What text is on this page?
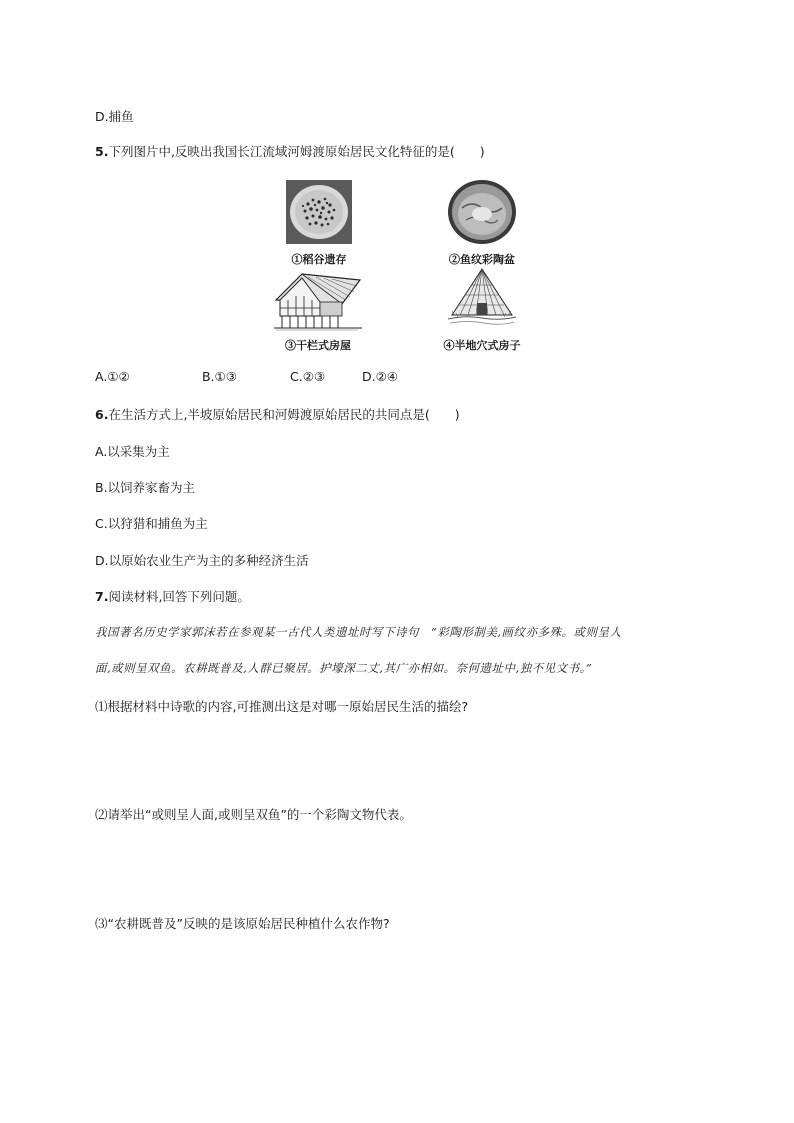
D.捕鱼
5.下列图片中,反映出我国长江流域河姆渡原始居民文化特征的是(　　)
①稻谷遗存	②鱼纹彩陶盆
③干栏式房屋	④半地穴式房子
A.①②	B.①③	C.②③	D.②④
6.在生活方式上,半坡原始居民和河姆渡原始居民的共同点是(　　)
A.以采集为主
B.以饲养家畜为主
C.以狩猎和捕鱼为主
D.以原始农业生产为主的多种经济生活
7.阅读材料,回答下列问题。
我国著名历史学家郭沫若在参观某一古代人类遗址时写下诗句　“彩陶形制美,画纹亦多殊。或则呈人
面,或则呈双鱼。农耕既普及,人群已聚居。护壕深二丈,其广亦相如。奈何遗址中,独不见文书。”
⑴根据材料中诗歌的内容,可推测出这是对哪一原始居民生活的描绘?
⑵请举出“或则呈人面,或则呈双鱼”的一个彩陶文物代表。
⑶“农耕既普及”反映的是该原始居民种植什么农作物?
